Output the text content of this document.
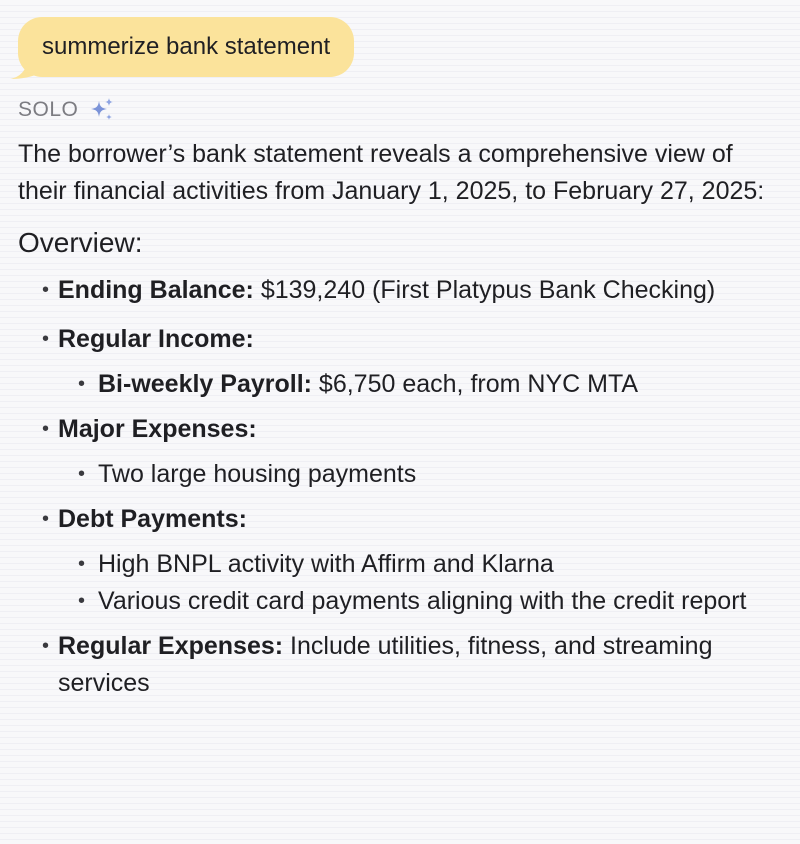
summerize bank statement
SOLO

The borrower’s bank statement reveals a comprehensive view of their financial activities from January 1, 2025, to February 27, 2025:

Overview:
• Ending Balance: $139,240 (First Platypus Bank Checking)
• Regular Income:
• Bi-weekly Payroll: $6,750 each, from NYC MTA
• Major Expenses:
• Two large housing payments
• Debt Payments:
• High BNPL activity with Affirm and Klarna
• Various credit card payments aligning with the credit report
• Regular Expenses: Include utilities, fitness, and streaming services
